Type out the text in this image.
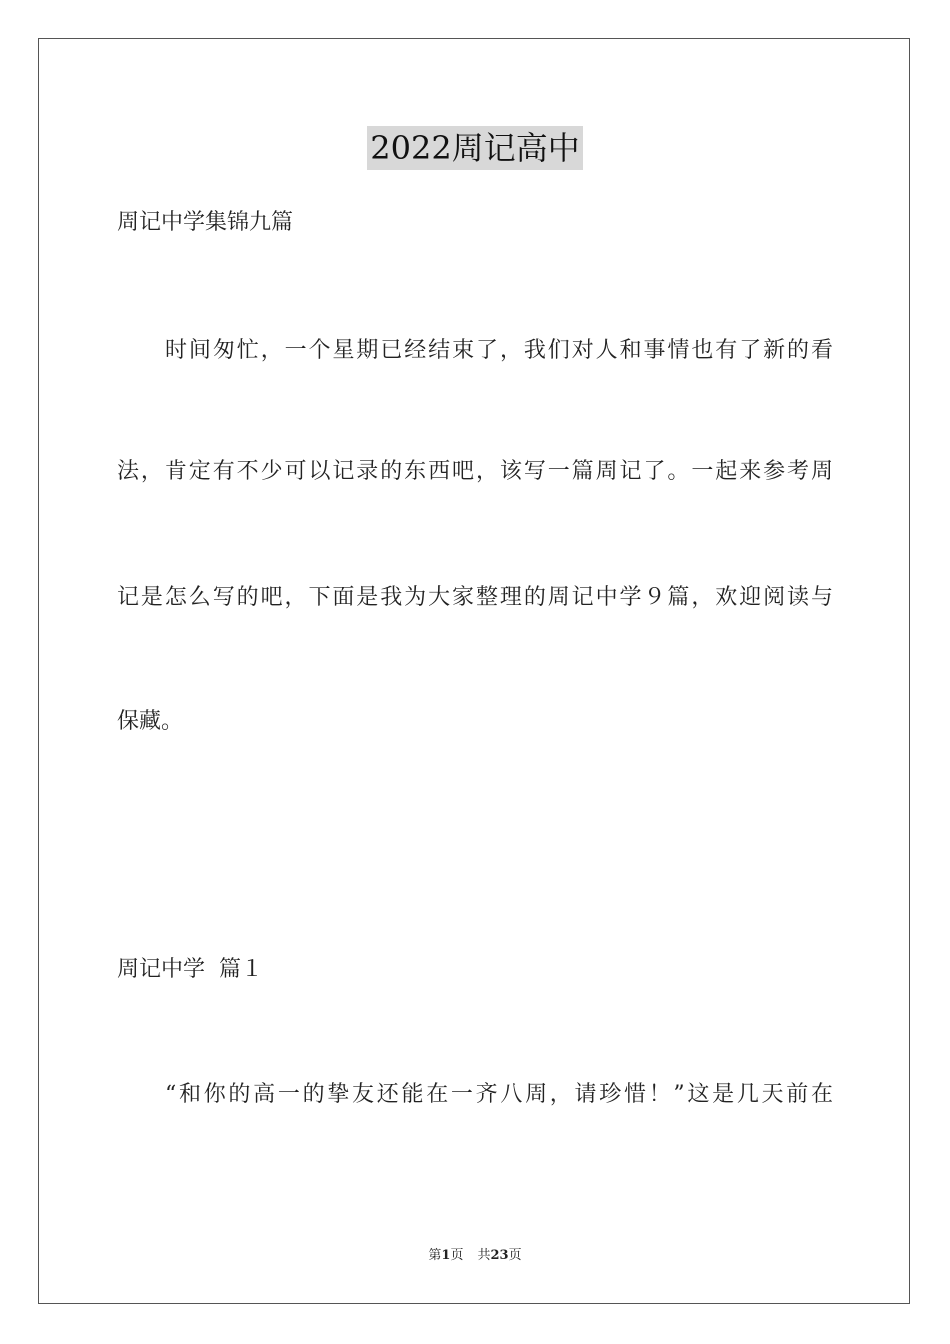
2022周记高中
周记中学集锦九篇
时间匆忙，一个星期已经结束了，我们对人和事情也有了新的看
法，肯定有不少可以记录的东西吧，该写一篇周记了。一起来参考周
记是怎么写的吧，下面是我为大家整理的周记中学９篇，欢迎阅读与
保藏。
周记中学  篇１
“和你的高一的挚友还能在一齐八周，请珍惜！”这是几天前在
第1页 共23页
